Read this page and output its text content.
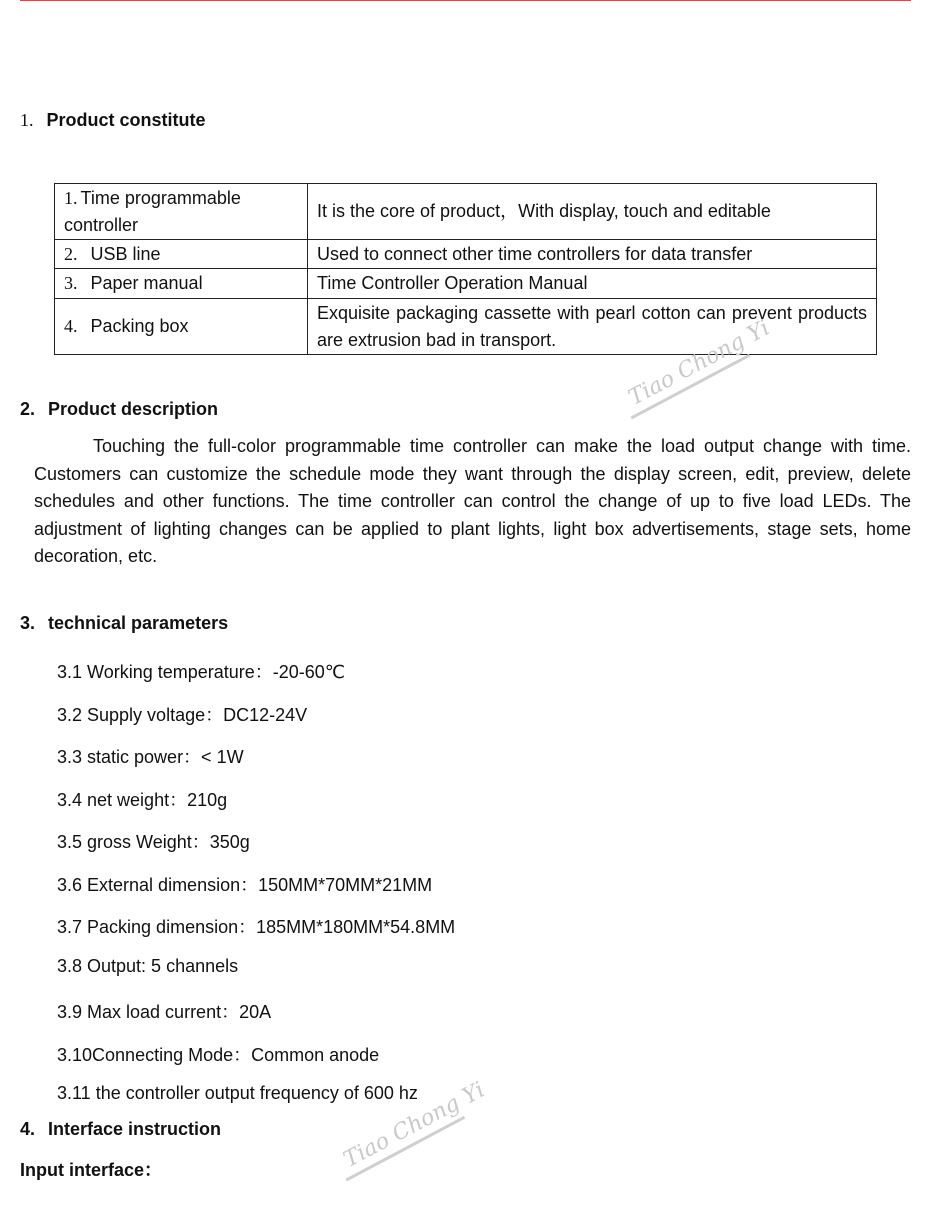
1. Product constitute
1. Time programmable controller	It is the core of product，With display, touch and editable
2. USB line	Used to connect other time controllers for data transfer
3. Paper manual	Time Controller Operation Manual
4. Packing box	Exquisite packaging cassette with pearl cotton can prevent products are extrusion bad in transport.
2. Product description

Touching the full-color programmable time controller can make the load output change with time. Customers can customize the schedule mode they want through the display screen, edit, preview, delete schedules and other functions. The time controller can control the change of up to five load LEDs. The adjustment of lighting changes can be applied to plant lights, light box advertisements, stage sets, home decoration, etc.

3. technical parameters
3.1 Working temperature：-20-60℃
3.2 Supply voltage：DC12-24V
3.3 static power：< 1W
3.4 net weight：210g
3.5 gross Weight：350g
3.6 External dimension：150MM*70MM*21MM
3.7 Packing dimension：185MM*180MM*54.8MM
3.8 Output: 5 channels
3.9 Max load current：20A
3.10Connecting Mode：Common anode
3.11 the controller output frequency of 600 hz
4. Interface instruction
Input interface：
Tiao Chong Yi
Tiao Chong Yi
